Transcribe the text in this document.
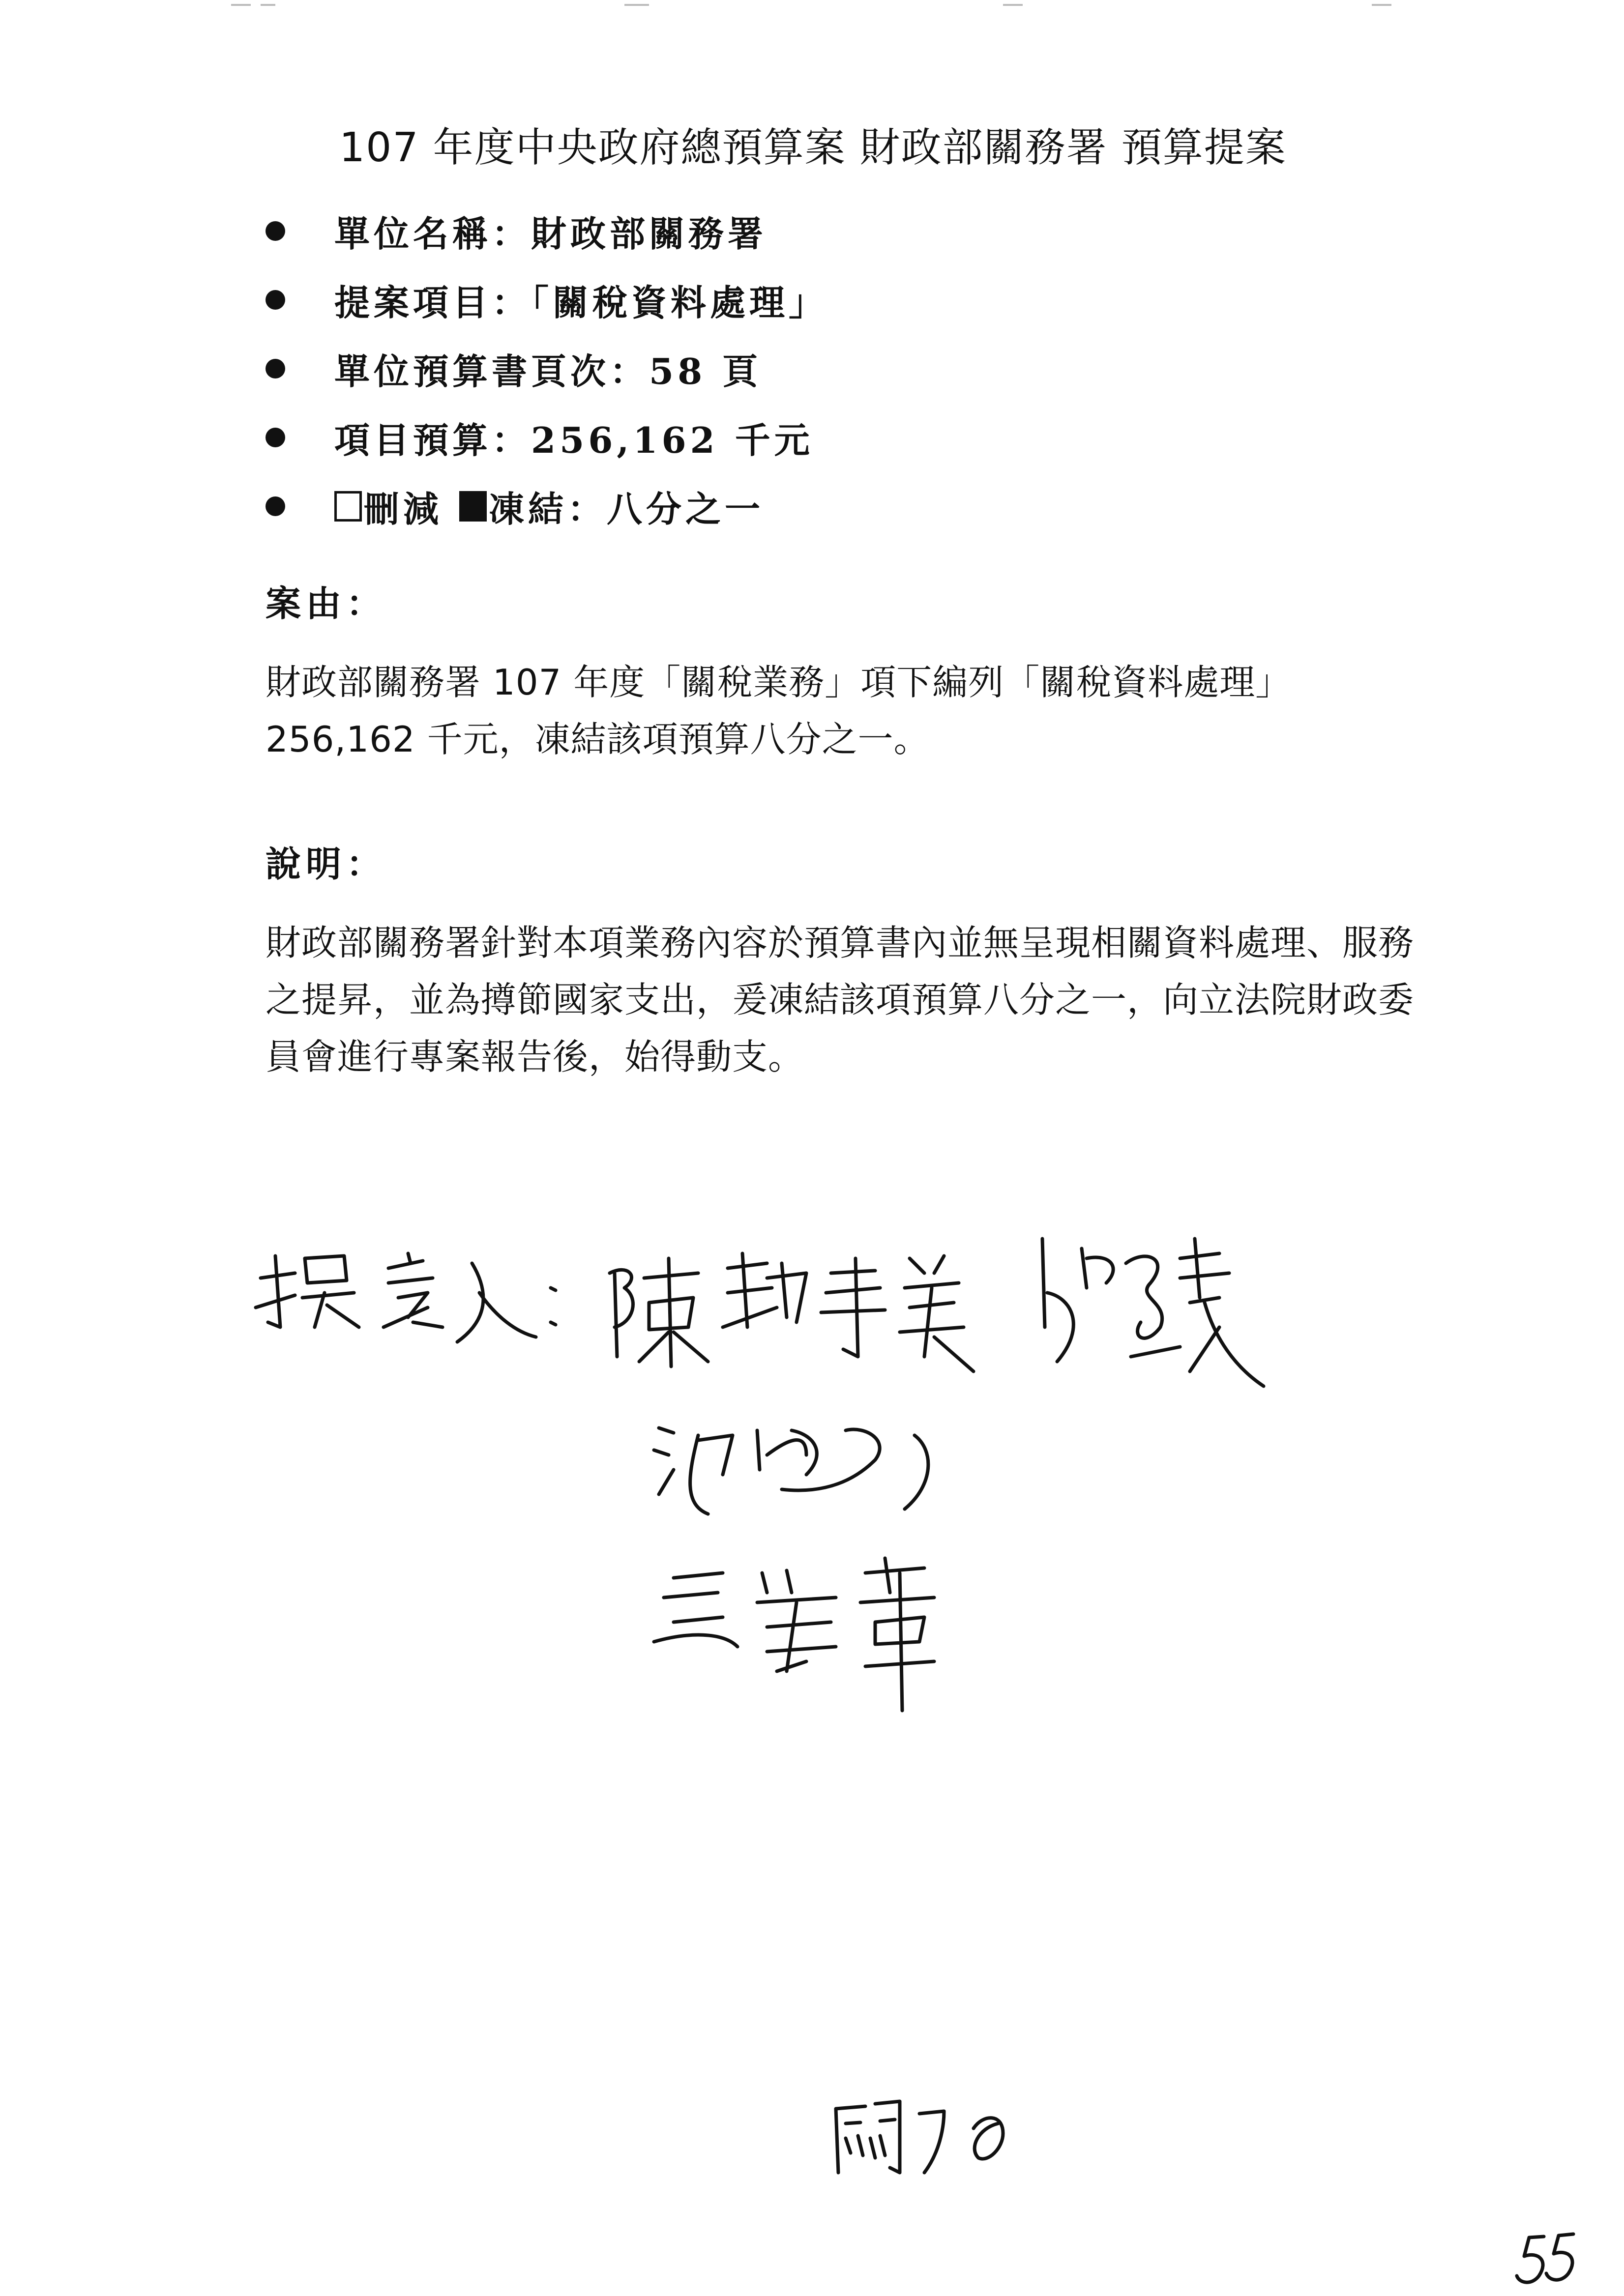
107 年度中央政府總預算案 財政部關務署 預算提案
單位名稱：財政部關務署
提案項目：「關稅資料處理」
單位預算書頁次：58 頁
項目預算：256,162 千元
刪減 凍結：八分之一
案由：
財政部關務署 107 年度「關稅業務」項下編列「關稅資料處理」256,162 千元，凍結該項預算八分之一。
說明：
財政部關務署針對本項業務內容於預算書內並無呈現相關資料處理、服務之提昇，並為撙節國家支出，爰凍結該項預算八分之一，向立法院財政委員會進行專案報告後，始得動支。
